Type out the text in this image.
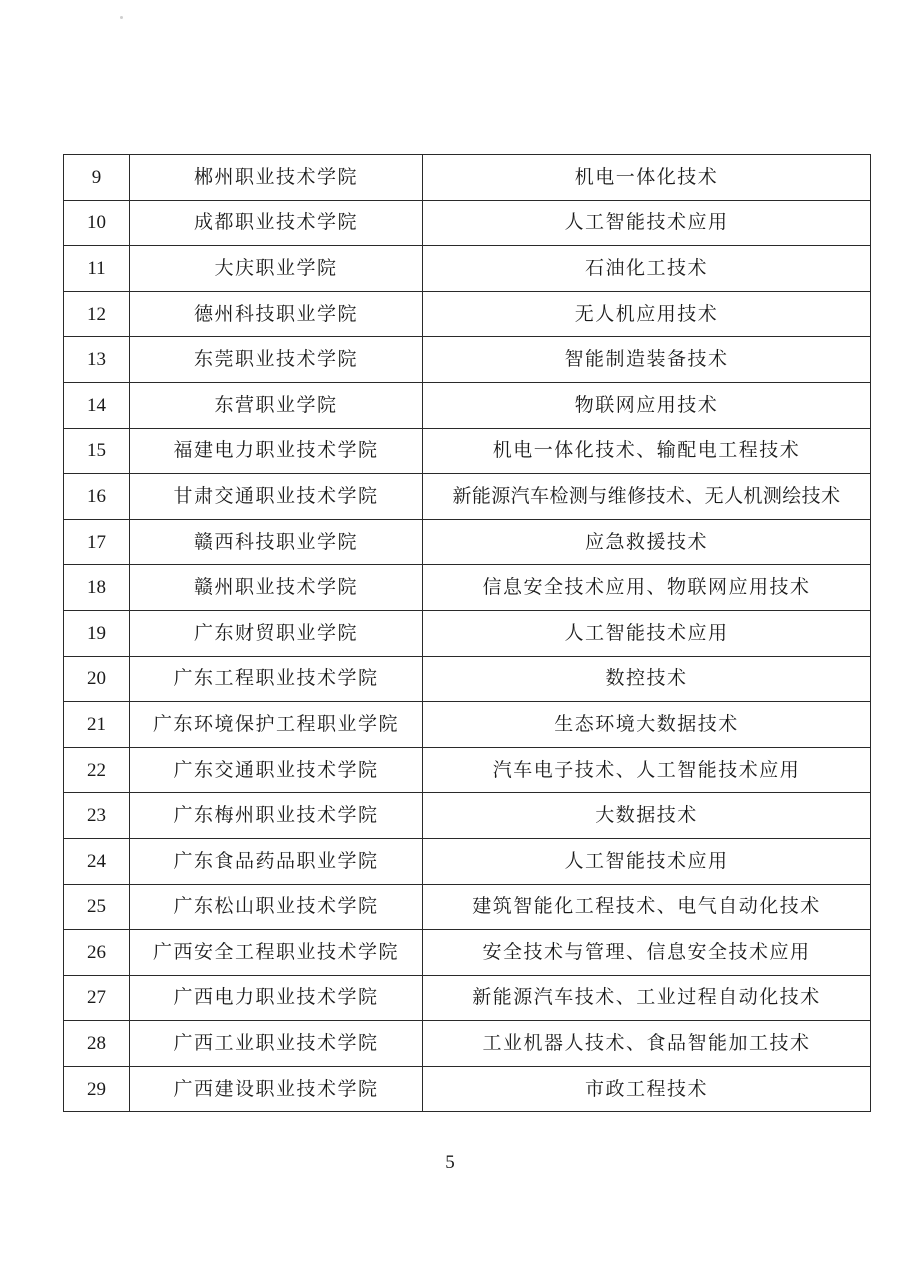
9	郴州职业技术学院	机电一体化技术
10	成都职业技术学院	人工智能技术应用
11	大庆职业学院	石油化工技术
12	德州科技职业学院	无人机应用技术
13	东莞职业技术学院	智能制造装备技术
14	东营职业学院	物联网应用技术
15	福建电力职业技术学院	机电一体化技术、输配电工程技术
16	甘肃交通职业技术学院	新能源汽车检测与维修技术、无人机测绘技术
17	赣西科技职业学院	应急救援技术
18	赣州职业技术学院	信息安全技术应用、物联网应用技术
19	广东财贸职业学院	人工智能技术应用
20	广东工程职业技术学院	数控技术
21	广东环境保护工程职业学院	生态环境大数据技术
22	广东交通职业技术学院	汽车电子技术、人工智能技术应用
23	广东梅州职业技术学院	大数据技术
24	广东食品药品职业学院	人工智能技术应用
25	广东松山职业技术学院	建筑智能化工程技术、电气自动化技术
26	广西安全工程职业技术学院	安全技术与管理、信息安全技术应用
27	广西电力职业技术学院	新能源汽车技术、工业过程自动化技术
28	广西工业职业技术学院	工业机器人技术、食品智能加工技术
29	广西建设职业技术学院	市政工程技术
5
